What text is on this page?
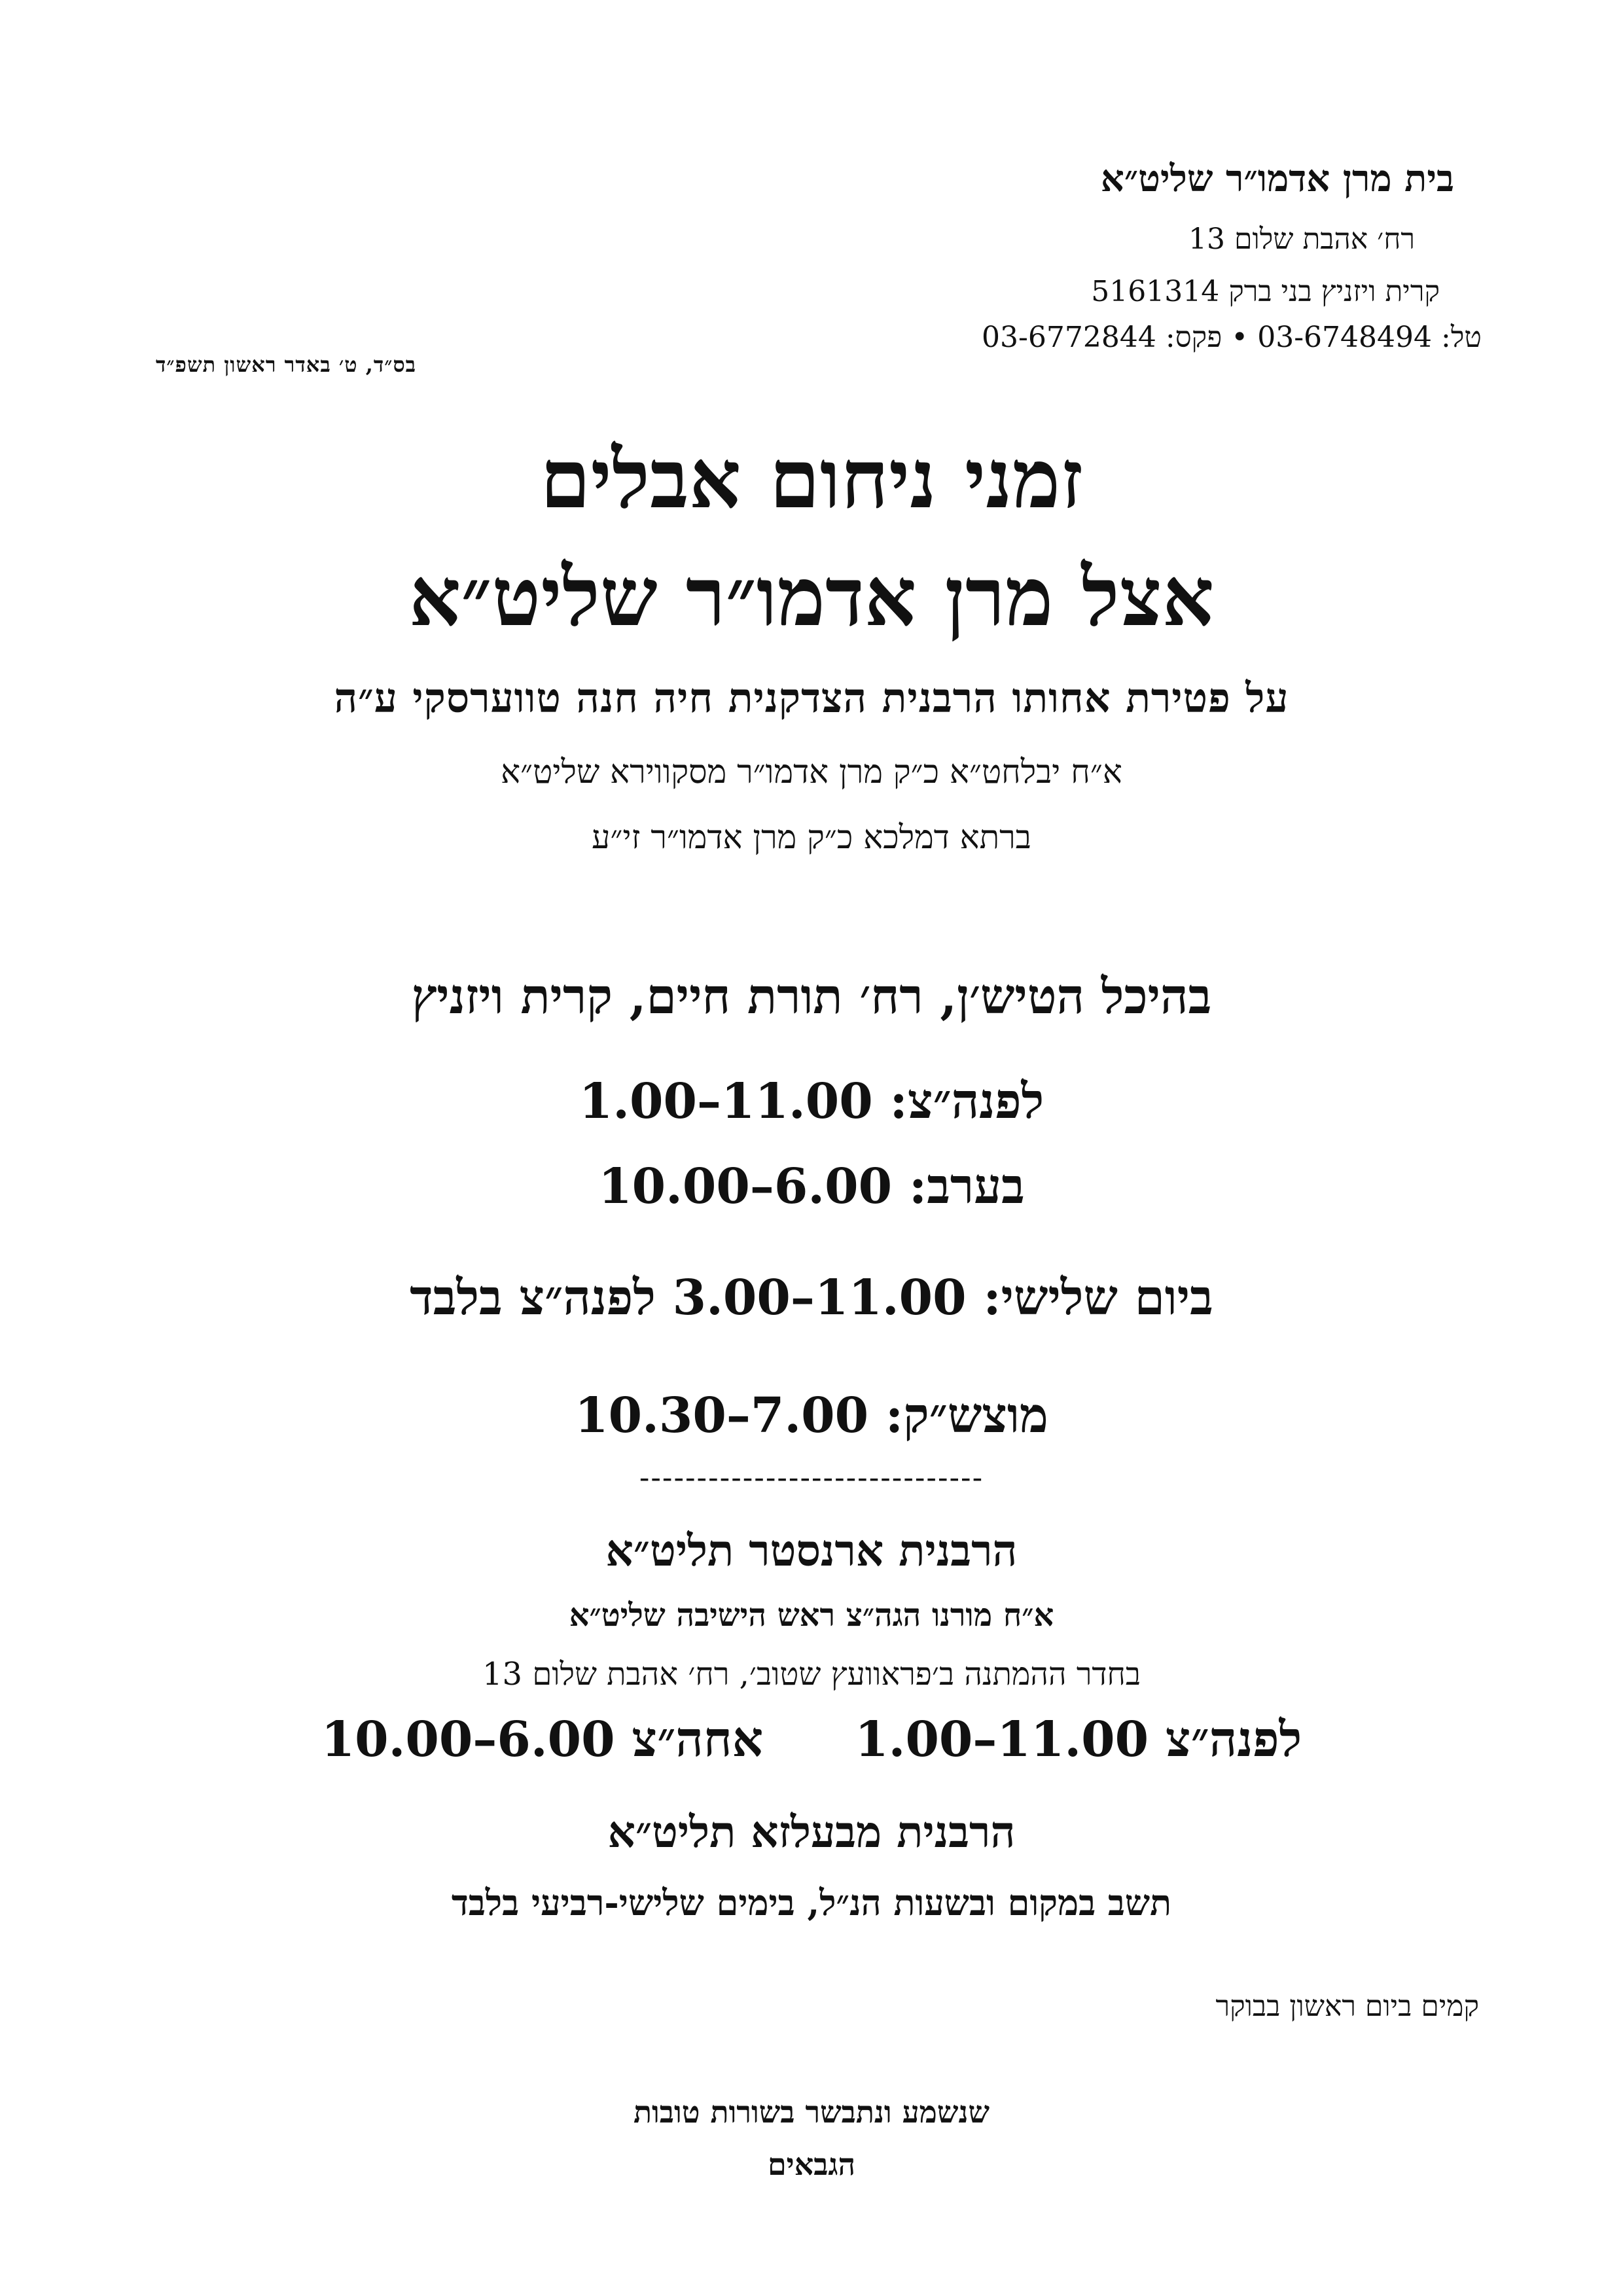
בית מרן אדמו״ר שליט״א
רח׳ אהבת שלום 13
קרית ויזניץ בני ברק 5161314
טל: 03-6748494 • פקס: 03-6772844
בס״ד, ט׳ באדר ראשון תשפ״ד
זמני ניחום אבלים
אצל מרן אדמו״ר שליט״א
על פטירת אחותו הרבנית הצדקנית חיה חנה טווערסקי ע״ה
א״ח יבלחט״א כ״ק מרן אדמו״ר מסקווירא שליט״א
ברתא דמלכא כ״ק מרן אדמו״ר זי״ע
בהיכל הטיש׳ן, רח׳ תורת חיים, קרית ויזניץ
לפנה״צ: 11.00–1.00
בערב: 6.00–10.00
ביום שלישי: 11.00–3.00 לפנה״צ בלבד
מוצש״ק: 7.00–10.30
------------------------------
הרבנית ארנסטר תליט״א
א״ח מורנו הגה״צ ראש הישיבה שליט״א
בחדר ההמתנה ב׳פראוועץ שטוב׳, רח׳ אהבת שלום 13
לפנה״צ 11.00–1.00אחה״צ 6.00–10.00
הרבנית מבעלזא תליט״א
תשב במקום ובשעות הנ״ל, בימים שלישי-רביעי בלבד
קמים ביום ראשון בבוקר
שנשמע ונתבשר בשורות טובות
הגבאים
